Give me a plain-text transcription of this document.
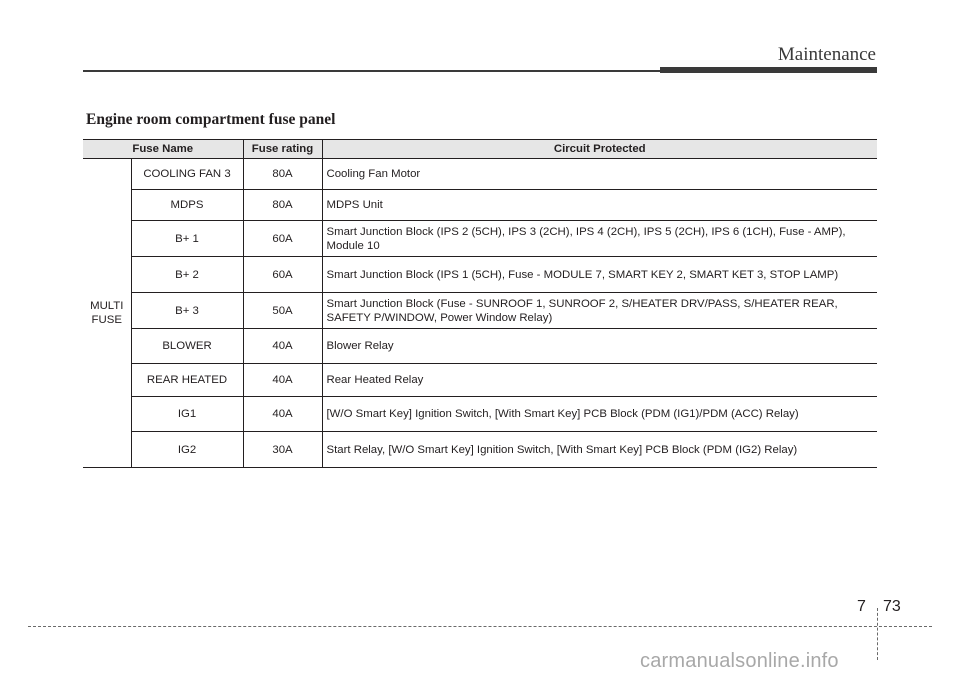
Maintenance
Engine room compartment fuse panel
Fuse Name		Fuse rating	Circuit Protected
MULTI FUSE	COOLING FAN 3	80A	Cooling Fan Motor
	MDPS	80A	MDPS Unit
	B+ 1	60A	Smart Junction Block (IPS 2 (5CH), IPS 3 (2CH), IPS 4 (2CH), IPS 5 (2CH), IPS 6 (1CH), Fuse - AMP), Module 10
	B+ 2	60A	Smart Junction Block (IPS 1 (5CH), Fuse - MODULE 7, SMART KEY 2, SMART KET 3, STOP LAMP)
	B+ 3	50A	Smart Junction Block (Fuse - SUNROOF 1, SUNROOF 2, S/HEATER DRV/PASS, S/HEATER REAR, SAFETY P/WINDOW, Power Window Relay)
	BLOWER	40A	Blower Relay
	REAR HEATED	40A	Rear Heated Relay
	IG1	40A	[W/O Smart Key] Ignition Switch, [With Smart Key] PCB Block (PDM (IG1)/PDM (ACC) Relay)
	IG2	30A	Start Relay, [W/O Smart Key] Ignition Switch, [With Smart Key] PCB Block (PDM (IG2) Relay)
7 73
carmanualsonline.info
